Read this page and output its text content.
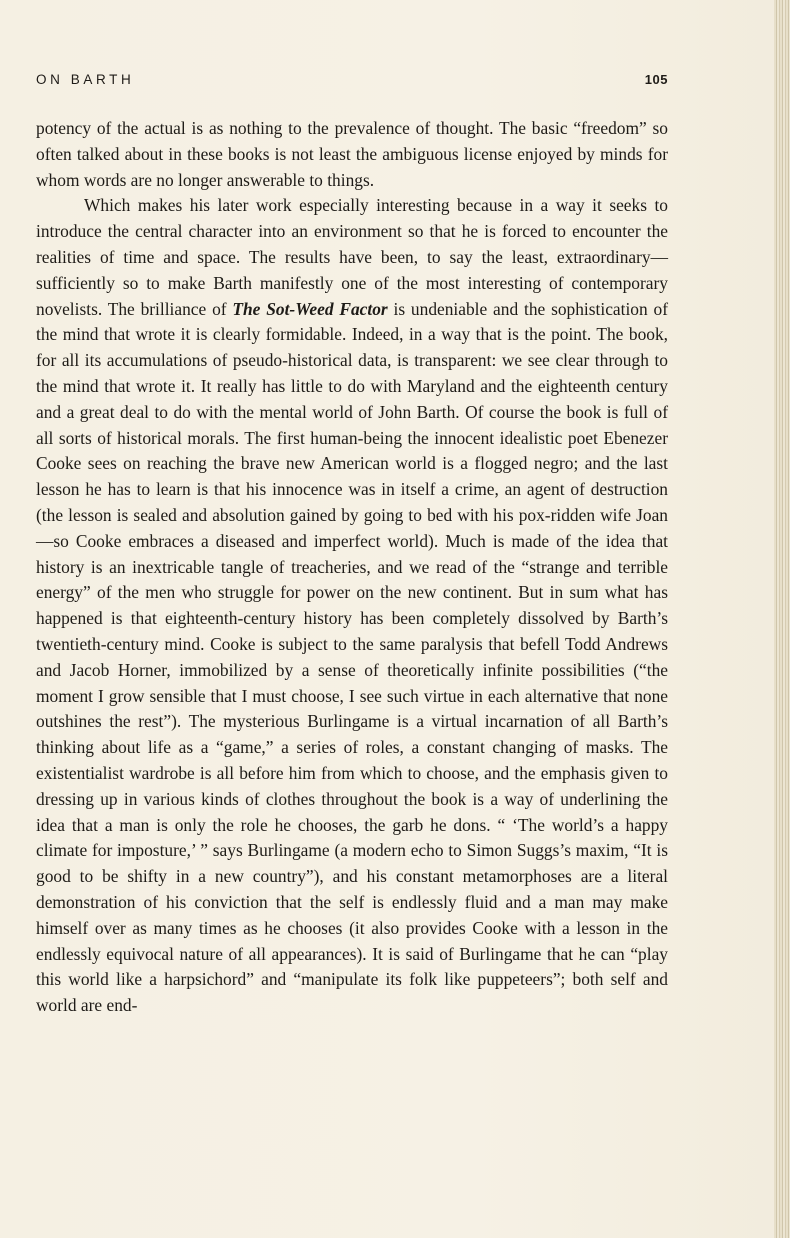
ON BARTH	105

potency of the actual is as nothing to the prevalence of thought. The basic “freedom” so often talked about in these books is not least the ambiguous license enjoyed by minds for whom words are no longer answerable to things.

Which makes his later work especially interesting because in a way it seeks to introduce the central character into an environment so that he is forced to encounter the realities of time and space. The results have been, to say the least, extraordinary—sufficiently so to make Barth manifestly one of the most interesting of contemporary novelists. The brilliance of The Sot-Weed Factor is undeniable and the sophistication of the mind that wrote it is clearly formidable. Indeed, in a way that is the point. The book, for all its accumulations of pseudo-historical data, is transparent: we see clear through to the mind that wrote it. It really has little to do with Maryland and the eighteenth century and a great deal to do with the mental world of John Barth. Of course the book is full of all sorts of historical morals. The first human-being the innocent idealistic poet Ebenezer Cooke sees on reaching the brave new American world is a flogged negro; and the last lesson he has to learn is that his innocence was in itself a crime, an agent of destruction (the lesson is sealed and absolution gained by going to bed with his pox-ridden wife Joan—so Cooke embraces a diseased and imperfect world). Much is made of the idea that history is an inextricable tangle of treacheries, and we read of the “strange and terrible energy” of the men who struggle for power on the new continent. But in sum what has happened is that eighteenth-century history has been completely dissolved by Barth’s twentieth-century mind. Cooke is subject to the same paralysis that befell Todd Andrews and Jacob Horner, immobilized by a sense of theoretically infinite possibilities (“the moment I grow sensible that I must choose, I see such virtue in each alternative that none outshines the rest”). The mysterious Burlingame is a virtual incarnation of all Barth’s thinking about life as a “game,” a series of roles, a constant changing of masks. The existentialist wardrobe is all before him from which to choose, and the emphasis given to dressing up in various kinds of clothes throughout the book is a way of underlining the idea that a man is only the role he chooses, the garb he dons. “ ‘The world’s a happy climate for imposture,’ ” says Burlingame (a modern echo to Simon Suggs’s maxim, “It is good to be shifty in a new country”), and his constant metamorphoses are a literal demonstration of his conviction that the self is endlessly fluid and a man may make himself over as many times as he chooses (it also provides Cooke with a lesson in the endlessly equivocal nature of all appearances). It is said of Burlingame that he can “play this world like a harpsichord” and “manipulate its folk like puppeteers”; both self and world are end-
